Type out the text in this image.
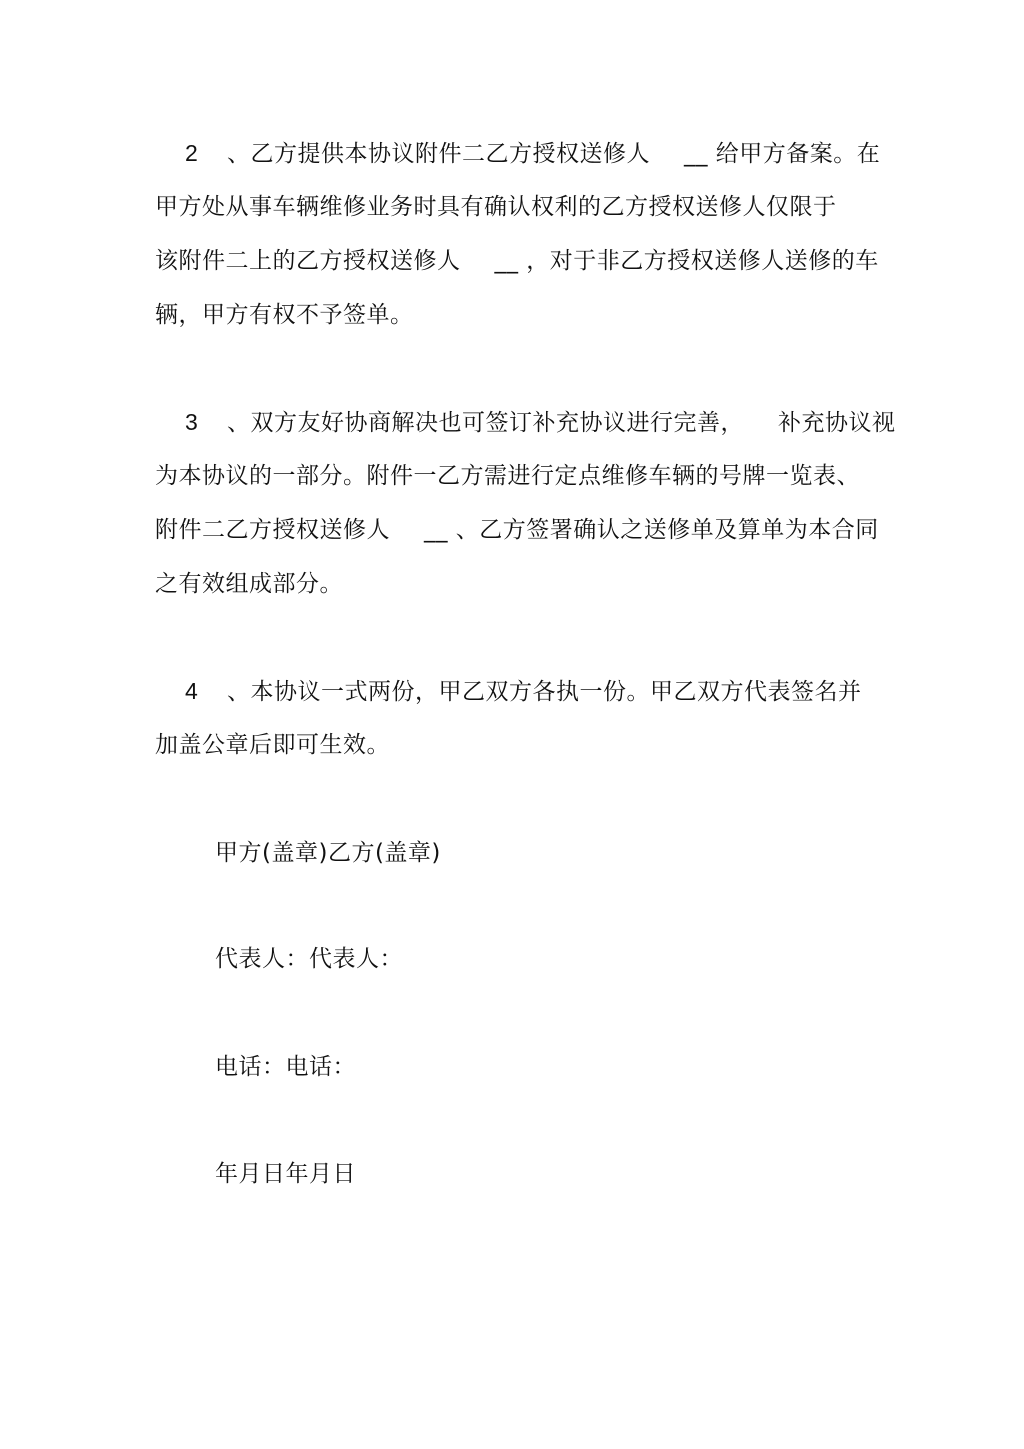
2 、乙方提供本协议附件二乙方授权送修人 __ 给甲方备案。在
甲方处从事车辆维修业务时具有确认权利的乙方授权送修人仅限于
该附件二上的乙方授权送修人 __ ，对于非乙方授权送修人送修的车
辆，甲方有权不予签单。
3 、双方友好协商解决也可签订补充协议进行完善， 补充协议视
为本协议的一部分。附件一乙方需进行定点维修车辆的号牌一览表、
附件二乙方授权送修人 __ 、乙方签署确认之送修单及算单为本合同
之有效组成部分。
4 、本协议一式两份，甲乙双方各执一份。甲乙双方代表签名并
加盖公章后即可生效。
甲方(盖章)乙方(盖章)
代表人：代表人：
电话：电话：
年月日年月日
